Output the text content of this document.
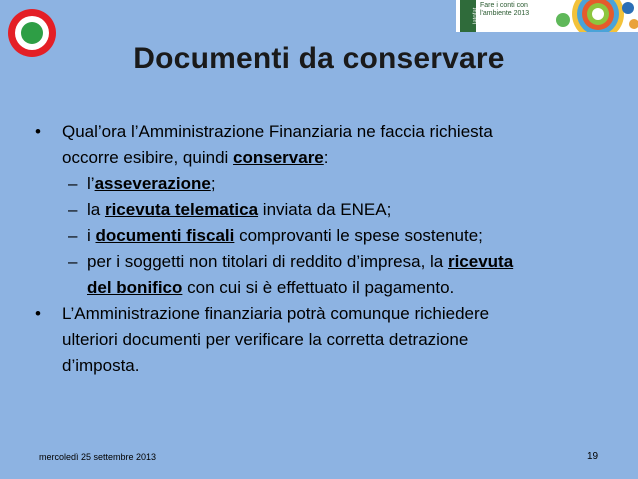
latofat
Fare i conti con l'ambiente 2013
Documenti da conservare
• Qual’ora l’Amministrazione Finanziaria ne faccia richiesta
occorre esibire, quindi conservare:
– l’asseverazione;
– la ricevuta telematica inviata da ENEA;
– i documenti fiscali comprovanti le spese sostenute;
– per i soggetti non titolari di reddito d’impresa, la ricevuta
del bonifico con cui si è effettuato il pagamento.
• L’Amministrazione finanziaria potrà comunque richiedere
ulteriori documenti per verificare la corretta detrazione
d’imposta.
mercoledì 25 settembre 2013	19
